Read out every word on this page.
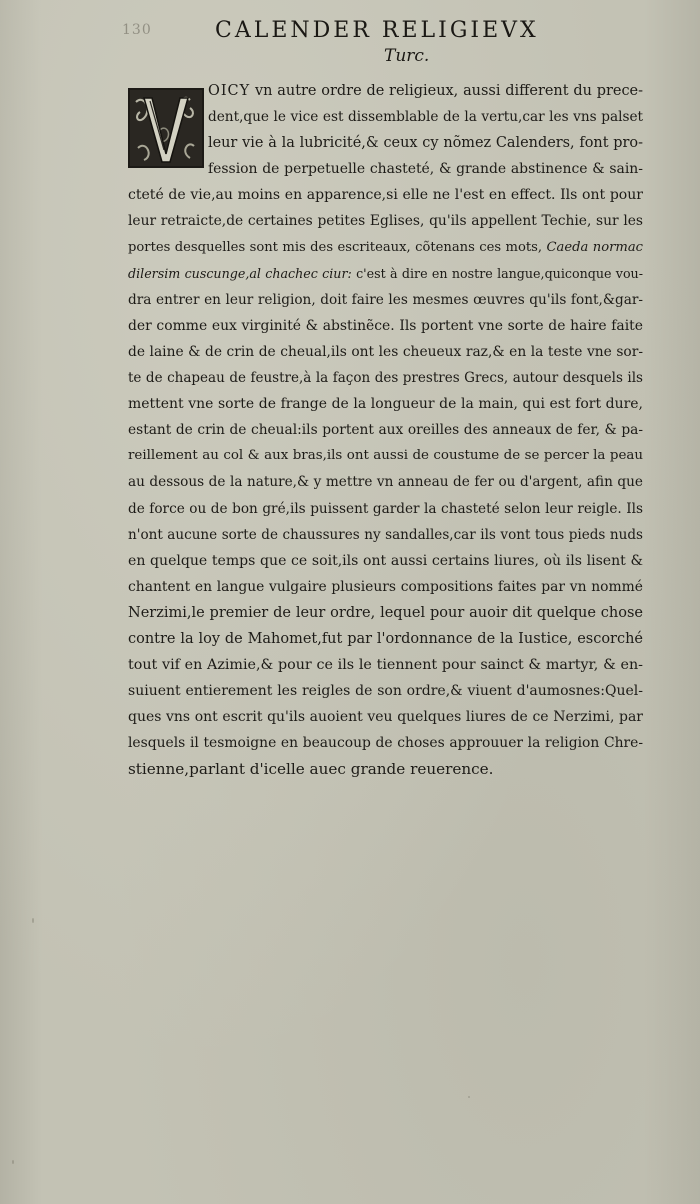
130	CALENDER RELIGIEVX
Turc.
OICY vn autre ordre de religieux, aussi different du prece-
dent,que le vice est dissemblable de la vertu,car les vns palset
leur vie à la lubricité,& ceux cy nõmez Calenders, font pro-
fession de perpetuelle chasteté, & grande abstinence & sain-
cteté de vie,au moins en apparence,si elle ne l'est en effect. Ils ont pour
leur retraicte,de certaines petites Eglises, qu'ils appellent Techie, sur les
portes desquelles sont mis des escriteaux, cõtenans ces mots, Caeda normac
dilersim cuscunge,al chachec ciur: c'est à dire en nostre langue,quiconque vou-
dra entrer en leur religion, doit faire les mesmes œuvres qu'ils font,&gar-
der comme eux virginité & abstinẽce. Ils portent vne sorte de haire faite
de laine & de crin de cheual,ils ont les cheueux raz,& en la teste vne sor-
te de chapeau de feustre,à la façon des prestres Grecs, autour desquels ils
mettent vne sorte de frange de la longueur de la main, qui est fort dure,
estant de crin de cheual:ils portent aux oreilles des anneaux de fer, & pa-
reillement au col & aux bras,ils ont aussi de coustume de se percer la peau
au dessous de la nature,& y mettre vn anneau de fer ou d'argent, afin que
de force ou de bon gré,ils puissent garder la chasteté selon leur reigle. Ils
n'ont aucune sorte de chaussures ny sandalles,car ils vont tous pieds nuds
en quelque temps que ce soit,ils ont aussi certains liures, où ils lisent &
chantent en langue vulgaire plusieurs compositions faites par vn nommé
Nerzimi,le premier de leur ordre, lequel pour auoir dit quelque chose
contre la loy de Mahomet,fut par l'ordonnance de la Iustice, escorché
tout vif en Azimie,& pour ce ils le tiennent pour sainct & martyr, & en-
suiuent entierement les reigles de son ordre,& viuent d'aumosnes:Quel-
ques vns ont escrit qu'ils auoient veu quelques liures de ce Nerzimi, par
lesquels il tesmoigne en beaucoup de choses approuuer la religion Chre-
stienne,parlant d'icelle auec grande reuerence.
